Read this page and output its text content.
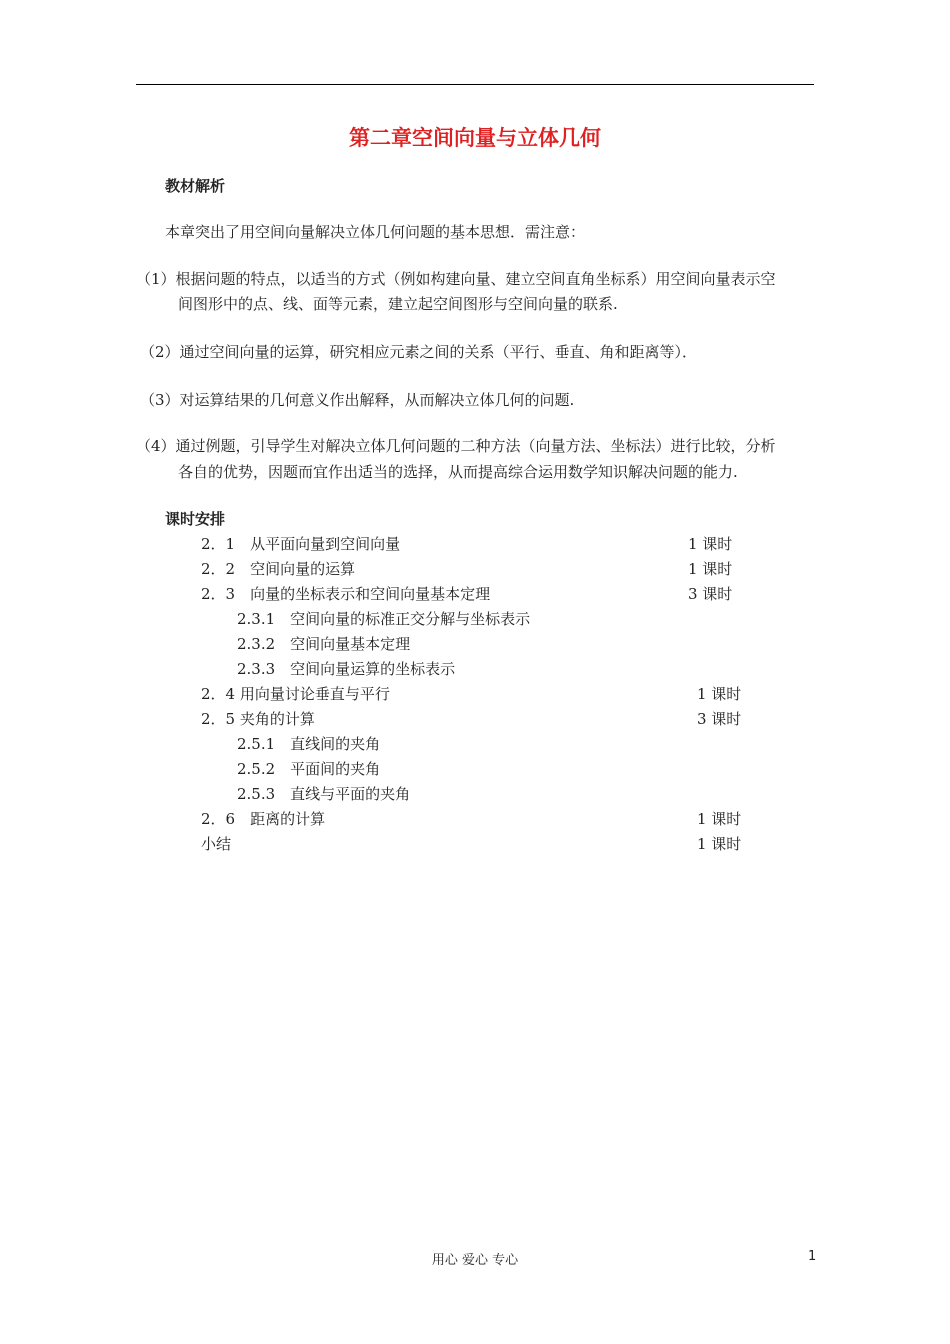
第二章空间向量与立体几何
教材解析
本章突出了用空间向量解决立体几何问题的基本思想．需注意：
（1）根据问题的特点，以适当的方式（例如构建向量、建立空间直角坐标系）用空间向量表示空
间图形中的点、线、面等元素，建立起空间图形与空间向量的联系.
（2）通过空间向量的运算，研究相应元素之间的关系（平行、垂直、角和距离等）．
（3）对运算结果的几何意义作出解释，从而解决立体几何的问题.
（4）通过例题，引导学生对解决立体几何问题的二种方法（向量方法、坐标法）进行比较，分析
各自的优势，因题而宜作出适当的选择，从而提高综合运用数学知识解决问题的能力.
课时安排
2．1　从平面向量到空间向量	1 课时
2．2　空间向量的运算	1 课时
2．3　向量的坐标表示和空间向量基本定理	3 课时
2.3.1　空间向量的标准正交分解与坐标表示
2.3.2　空间向量基本定理
2.3.3　空间向量运算的坐标表示
2．4 用向量讨论垂直与平行	1 课时
2．5 夹角的计算	3 课时
2.5.1　直线间的夹角
2.5.2　平面间的夹角
2.5.3　直线与平面的夹角
2．6　距离的计算	1 课时
小结	1 课时
用心 爱心 专心	1
